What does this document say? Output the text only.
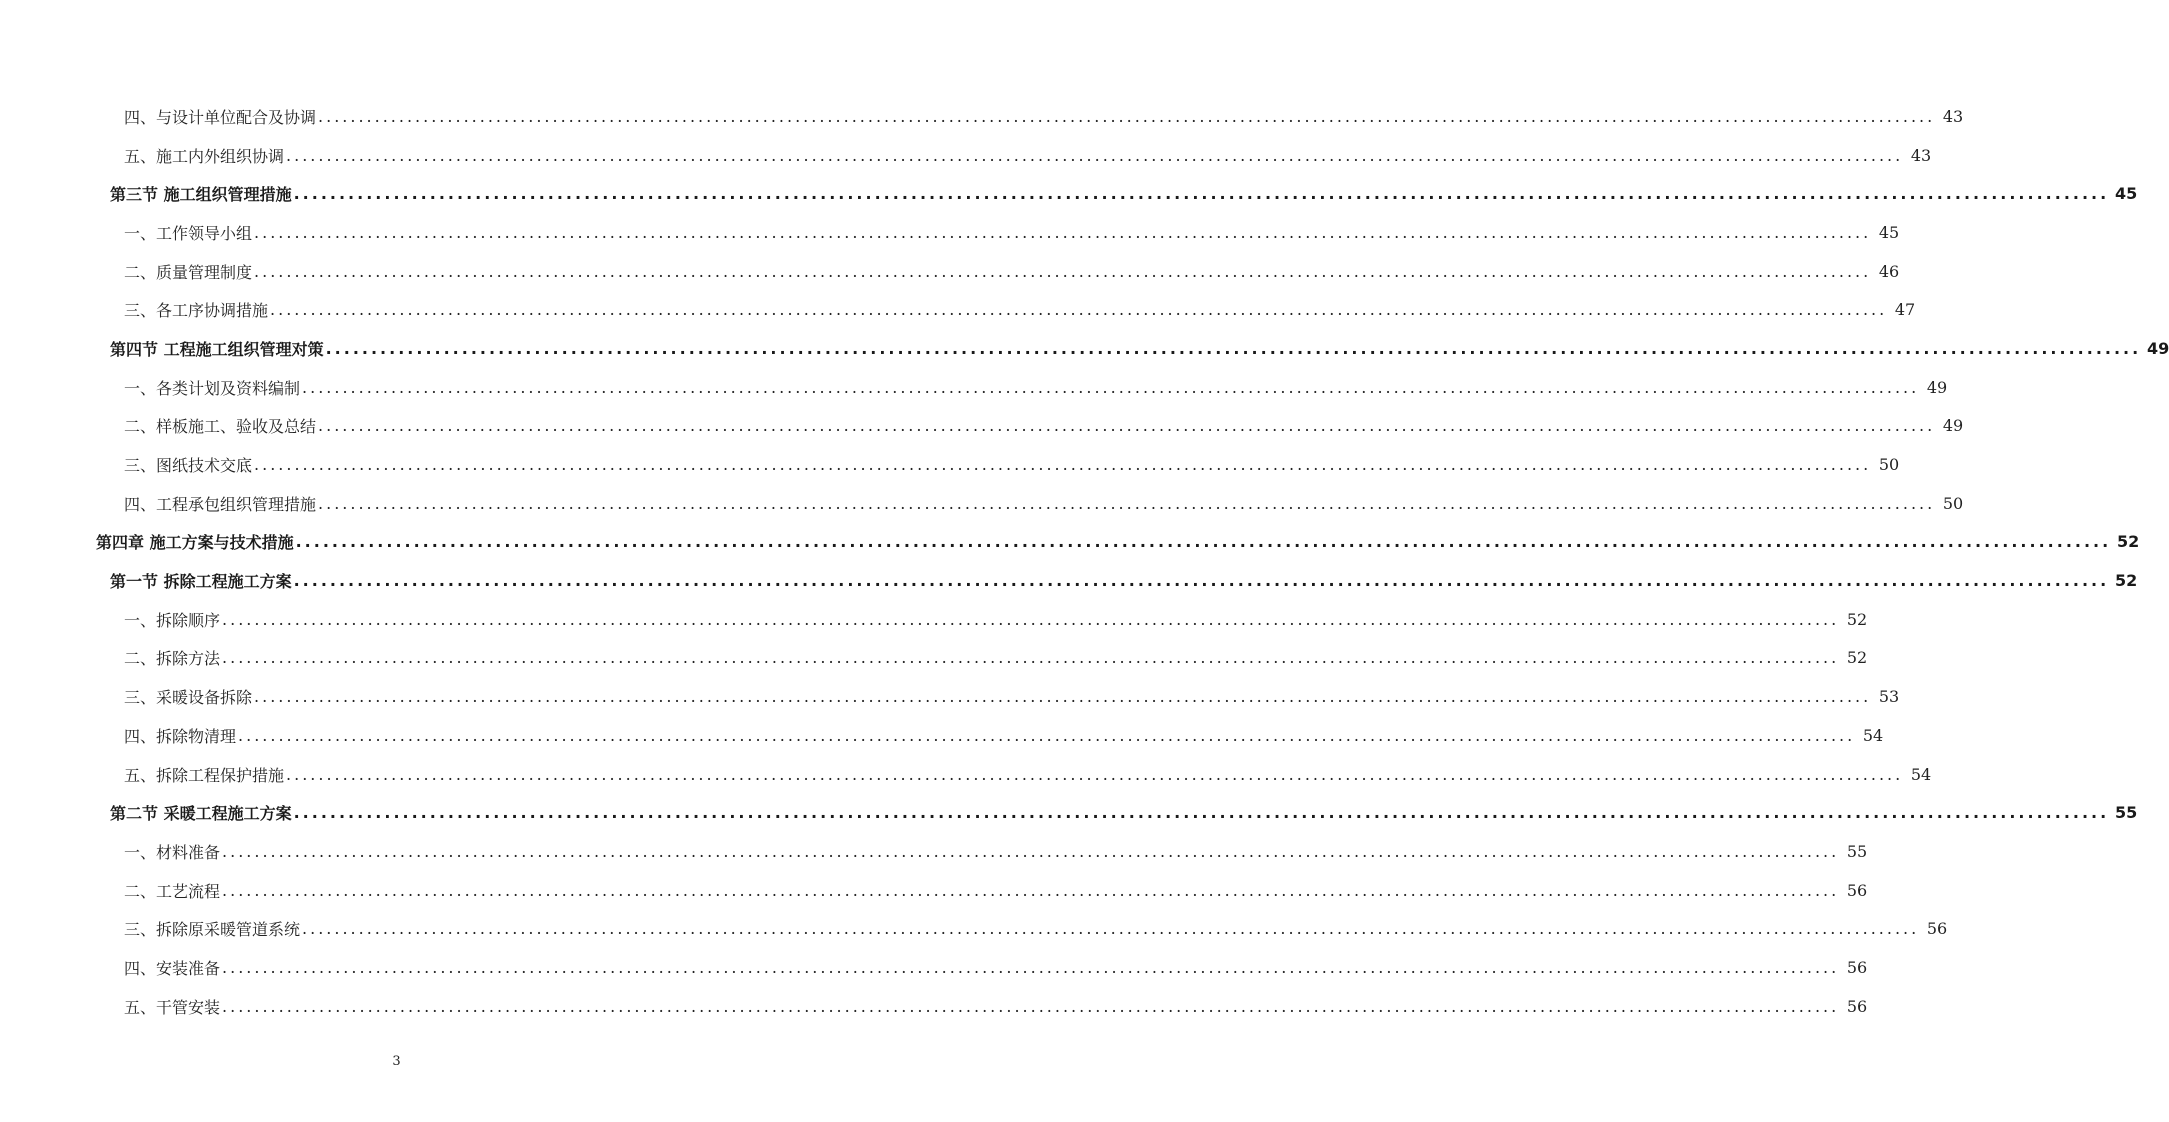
四、与设计单位配合及协调 ........................................................................................................................................................................................................ 43
五、施工内外组织协调 ........................................................................................................................................................................................................ 43
第三节 施工组织管理措施 ........................................................................................................................................................................................................ 45
一、工作领导小组 ........................................................................................................................................................................................................ 45
二、质量管理制度 ........................................................................................................................................................................................................ 46
三、各工序协调措施 ........................................................................................................................................................................................................ 47
第四节 工程施工组织管理对策 ........................................................................................................................................................................................................ 49
一、各类计划及资料编制 ........................................................................................................................................................................................................ 49
二、样板施工、验收及总结 ........................................................................................................................................................................................................ 49
三、图纸技术交底 ........................................................................................................................................................................................................ 50
四、工程承包组织管理措施 ........................................................................................................................................................................................................ 50
第四章 施工方案与技术措施 ........................................................................................................................................................................................................ 52
第一节 拆除工程施工方案 ........................................................................................................................................................................................................ 52
一、拆除顺序 ........................................................................................................................................................................................................ 52
二、拆除方法 ........................................................................................................................................................................................................ 52
三、采暖设备拆除 ........................................................................................................................................................................................................ 53
四、拆除物清理 ........................................................................................................................................................................................................ 54
五、拆除工程保护措施 ........................................................................................................................................................................................................ 54
第二节 采暖工程施工方案 ........................................................................................................................................................................................................ 55
一、材料准备 ........................................................................................................................................................................................................ 55
二、工艺流程 ........................................................................................................................................................................................................ 56
三、拆除原采暖管道系统 ........................................................................................................................................................................................................ 56
四、安装准备 ........................................................................................................................................................................................................ 56
五、干管安装 ........................................................................................................................................................................................................ 56
3
